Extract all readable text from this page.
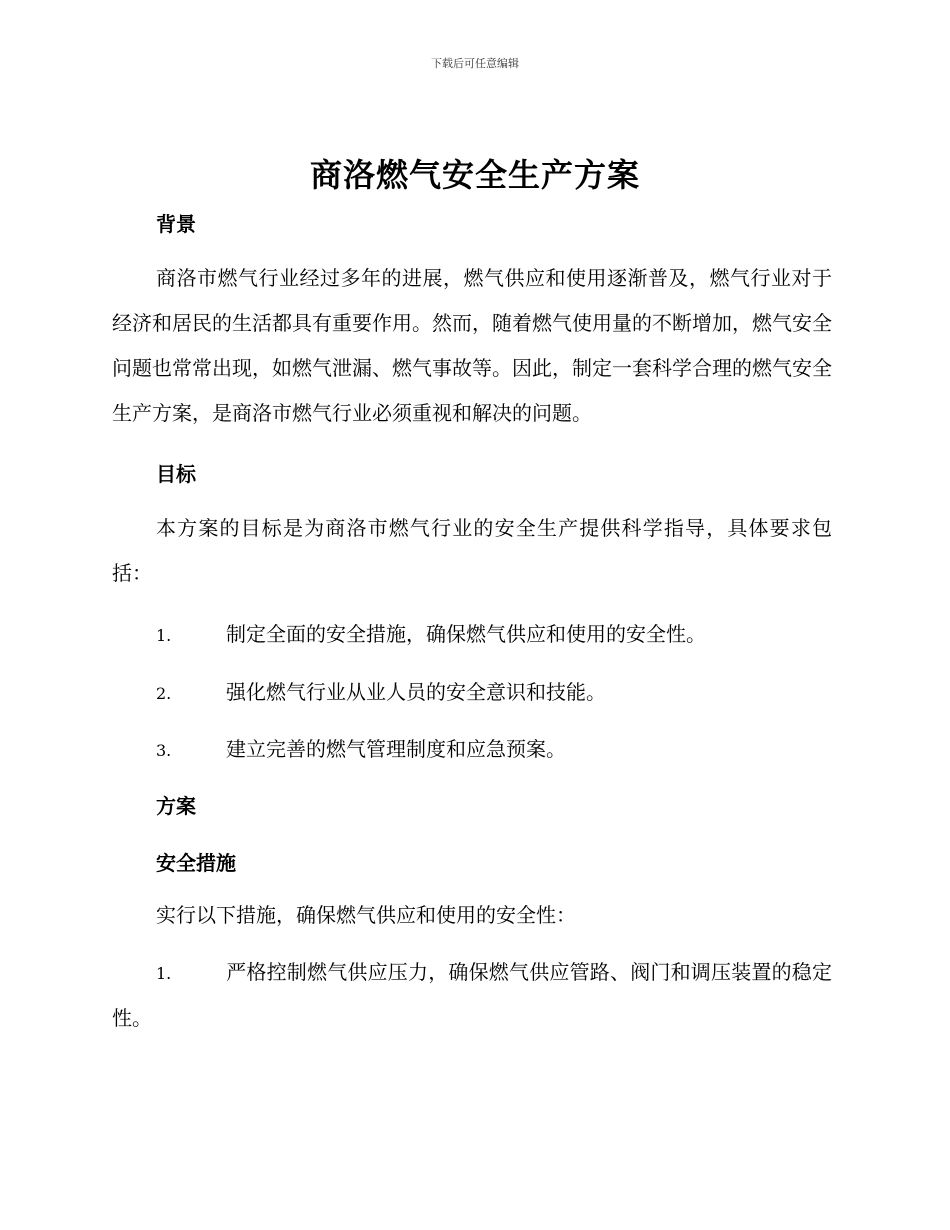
下载后可任意编辑
商洛燃气安全生产方案
背景
商洛市燃气行业经过多年的进展，燃气供应和使用逐渐普及，燃气行业对于经济和居民的生活都具有重要作用。然而，随着燃气使用量的不断增加，燃气安全问题也常常出现，如燃气泄漏、燃气事故等。因此，制定一套科学合理的燃气安全生产方案，是商洛市燃气行业必须重视和解决的问题。
目标
本方案的目标是为商洛市燃气行业的安全生产提供科学指导，具体要求包括：
1.	制定全面的安全措施，确保燃气供应和使用的安全性。
2.	强化燃气行业从业人员的安全意识和技能。
3.	建立完善的燃气管理制度和应急预案。
方案
安全措施
实行以下措施，确保燃气供应和使用的安全性：
1.	严格控制燃气供应压力，确保燃气供应管路、阀门和调压装置的稳定性。
